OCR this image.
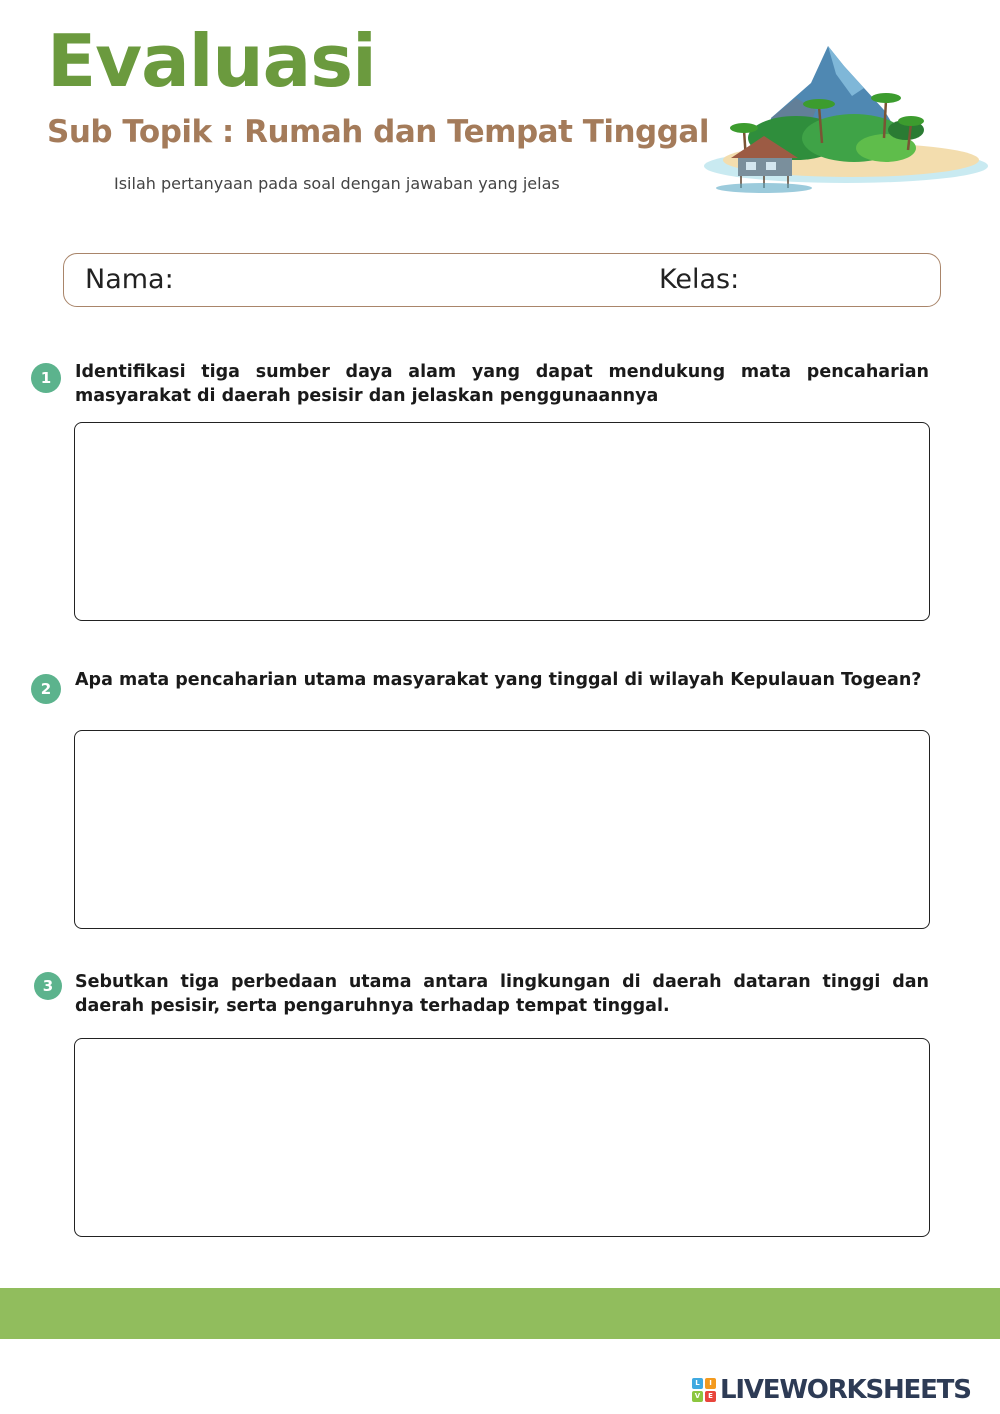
Evaluasi
Sub Topik : Rumah dan Tempat Tinggal
Isilah pertanyaan pada soal dengan jawaban yang jelas
Nama:	Kelas:
1	Identifikasi tiga sumber daya alam yang dapat mendukung mata pencaharian masyarakat di daerah pesisir dan jelaskan penggunaannya
2	Apa mata pencaharian utama masyarakat yang tinggal di wilayah Kepulauan Togean?
3	Sebutkan tiga perbedaan utama antara lingkungan di daerah dataran tinggi dan daerah pesisir, serta pengaruhnya terhadap tempat tinggal.
L	I
V	E LIVEWORKSHEETS
